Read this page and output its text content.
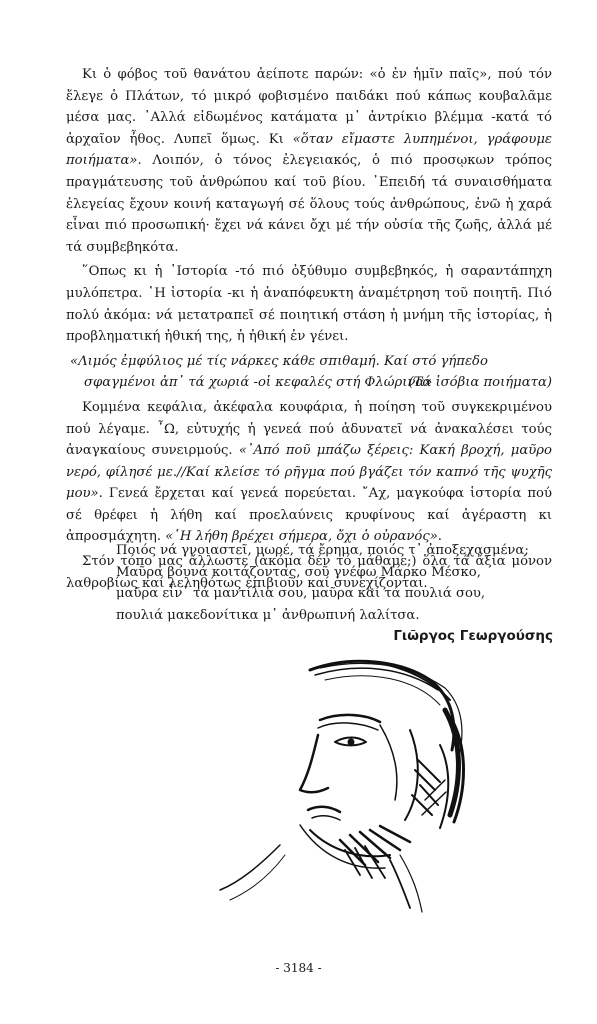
Κι ὁ φόβος τοῦ θανάτου ἀείποτε παρών: «ὁ ἐν ἡμῖν παῖς», πού τόν ἔλεγε ὁ Πλάτων, τό μικρό φοβισμένο παιδάκι πού κάπως κουβαλᾶμε μέσα μας. ᾿Αλλά εἰδωμένος κατάματα μ᾿ ἀντρίκιο βλέμμα -κατά τό ἀρχαῖον ἦθος. Λυπεῖ ὅμως. Κι «ὅταν εἴμαστε λυπημένοι, γράφουμε ποιήματα». Λοιπόν, ὁ τόνος ἐλεγειακός, ὁ πιό προσῳκων τρόπος πραγμάτευσης τοῦ ἀνθρώπου καί τοῦ βίου. ᾿Επειδή τά συναισθήματα ἐλεγείας ἔχουν κοινή καταγωγή σέ ὅλους τούς ἀνθρώπους, ἐνῶ ἡ χαρά εἶναι πιό προσωπική· ἔχει νά κάνει ὄχι μέ τήν οὐσία τῆς ζωῆς, ἀλλά μέ τά συμβεβηκότα.

῞Οπως κι ἡ ῾Ιστορία -τό πιό ὀξύθυμο συμβεβηκός, ἡ σαραντάπηχη μυλόπετρα. ῾Η ἱστορία -κι ἡ ἀναπόφευκτη ἀναμέτρηση τοῦ ποιητῆ. Πιό πολύ ἀκόμα: νά μετατραπεῖ σέ ποιητική στάση ἡ μνήμη τῆς ἱστορίας, ἡ προβληματική ἠθική της, ἡ ἠθική ἐν γένει.

«Λιμός ἐμφύλιος μέ τίς νάρκες κάθε σπιθαμή. Καί στό γήπεδο
σφαγμένοι ἀπ᾿ τά χωριά -οἱ κεφαλές στή Φλώρινα»
(Τά ἰσόβια ποιήματα)

Κομμένα κεφάλια, ἀκέφαλα κουφάρια, ἡ ποίηση τοῦ συγκεκριμένου πού λέγαμε. ῏Ω, εὐτυχής ἡ γενεά πού ἀδυνατεῖ νά ἀνακαλέσει τούς ἀναγκαίους συνειρμούς. «᾿Από ποῦ μπάζω ξέρεις: Κακή βροχή, μαῦρο νερό, φίλησέ με.//Καί κλείσε τό ρῆγμα πού βγάζει τόν καπνό τῆς ψυχῆς μου». Γενεά ἔρχεται καί γενεά πορεύεται. ῎Αχ, μαγκούφα ἱστορία πού σέ θρέφει ἡ λήθη καί προελαύνεις κρυφίνους καί ἀγέραστη κι ἀπροσμάχητη. «῾Η λήθη βρέχει σήμερα, ὄχι ὁ οὐρανός».

Στόν τόπο μας ἄλλωστε (ἀκόμα δέν τό μάθαμε;) ὅλα τά ἄξια μόνον λαθροβίως καί λεληθότως ἐπιβιοῦν καί συνεχίζονται.

Ποιός νά γνοιαστεῖ, μωρέ, τά ἔρημα, ποιός τ᾿ ἀποξεχασμένα;
Μαῦρα βουνά κοιτάζοντας, σοῦ γνέφω Μάρκο Μέσκο,
μαῦρα εἶν᾿ τά μαντίλια σου, μαῦρα καί τά πουλιά σου,
πουλιά μακεδονίτικα μ᾿ ἀνθρωπινή λαλίτσα.
Γιῶργος Γεωργούσης
- 3184 -
